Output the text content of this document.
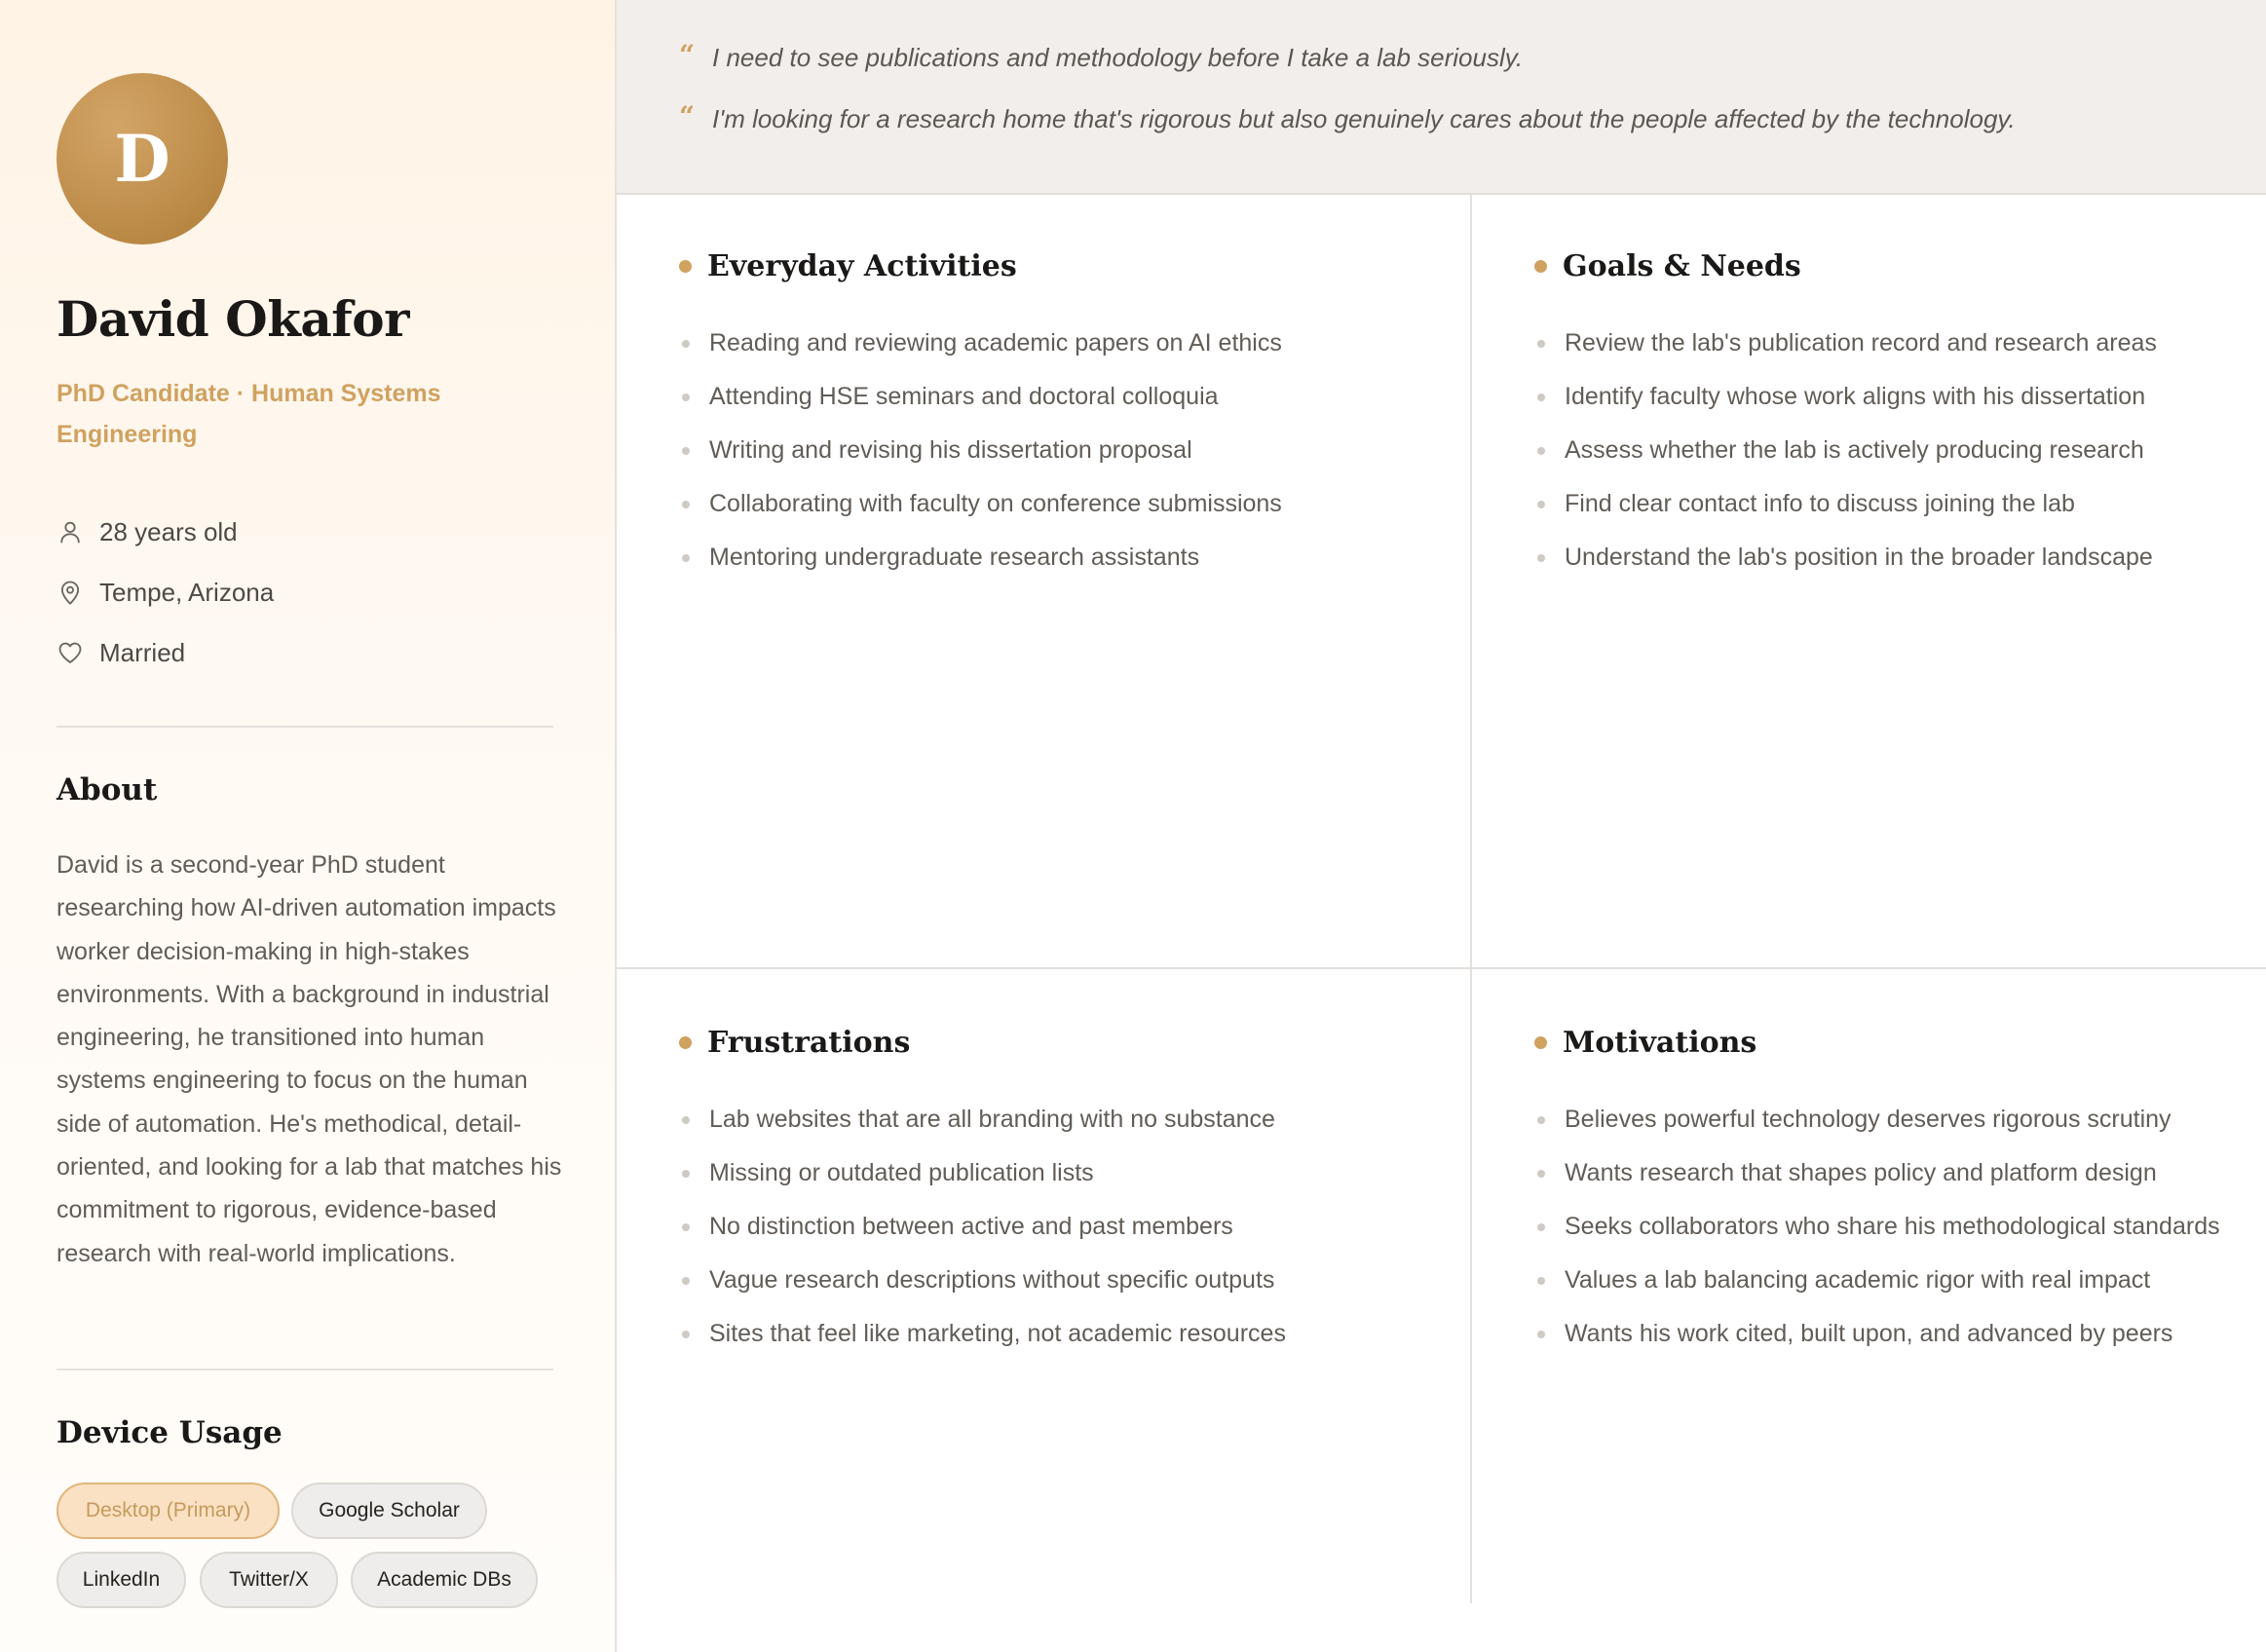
D
David Okafor
PhD Candidate · Human Systems Engineering
28 years old
Tempe, Arizona
Married
About

David is a second-year PhD student researching how AI-driven automation impacts worker decision-making in high-stakes environments. With a background in industrial engineering, he transitioned into human systems engineering to focus on the human side of automation. He's methodical, detail-oriented, and looking for a lab that matches his commitment to rigorous, evidence-based research with real-world implications.

Device Usage
Desktop (Primary)	Google Scholar
LinkedIn	Twitter/X	Academic DBs
“ I need to see publications and methodology before I take a lab seriously.
“ I'm looking for a research home that's rigorous but also genuinely cares about the people affected by the technology.
Everyday Activities
Reading and reviewing academic papers on AI ethics
Attending HSE seminars and doctoral colloquia
Writing and revising his dissertation proposal
Collaborating with faculty on conference submissions
Mentoring undergraduate research assistants
Goals & Needs
Review the lab's publication record and research areas
Identify faculty whose work aligns with his dissertation
Assess whether the lab is actively producing research
Find clear contact info to discuss joining the lab
Understand the lab's position in the broader landscape
Frustrations
Lab websites that are all branding with no substance
Missing or outdated publication lists
No distinction between active and past members
Vague research descriptions without specific outputs
Sites that feel like marketing, not academic resources
Motivations
Believes powerful technology deserves rigorous scrutiny
Wants research that shapes policy and platform design
Seeks collaborators who share his methodological standards
Values a lab balancing academic rigor with real impact
Wants his work cited, built upon, and advanced by peers
